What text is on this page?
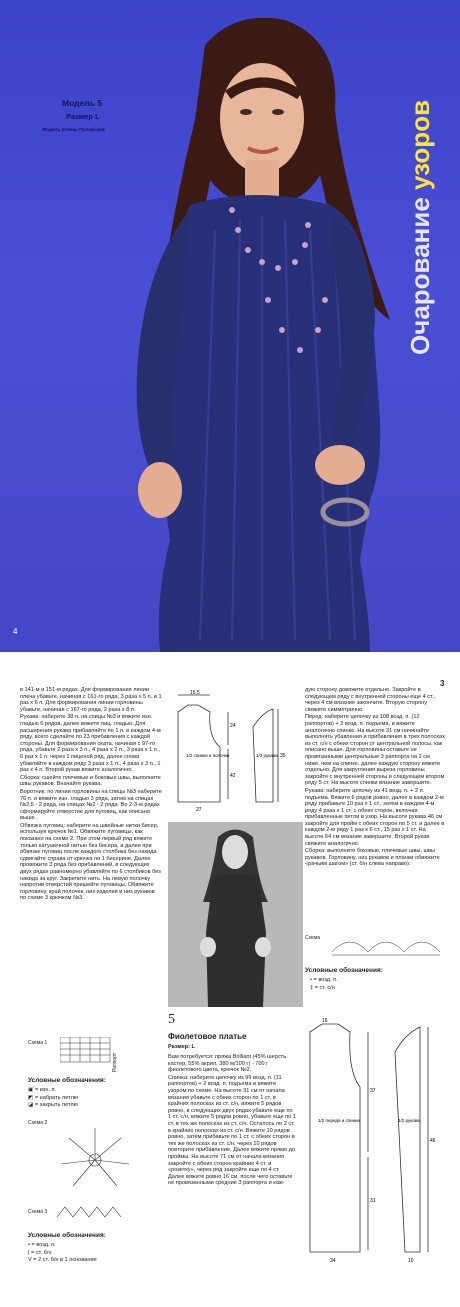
Модель 5
Размер L
Модель Елены Полевской
Очарование узоров
4
3

в 141-м и 151-м рядах. Для формирования линии плеча убавьте, начиная с 161-го ряда, 3 раза х 5 п. и 1 раз х 6 п. Для формирования линии горловины убавьте, начиная с 167-го ряда, 2 раза х 8 п.

Рукава: наберите 38 п. на спицы №3 и вяжите изн. гладью 6 рядов, далее вяжите лиц. гладью. Для расширения рукава прибавляйте по 1 п. в каждом 4-м ряду, всего сделайте по 23 прибавления с каждой стороны. Для формирования оката, начиная с 97-го ряда, убавьте 2 раза х 3 п., 4 раза х 2 п., 3 раза х 1 п., 6 раз х 1 п. через 1 пиценой ряд, далее снова убавляйте в каждом ряду 3 раза х 1 п., 4 раза х 3 п., 1 раз х 4 п. Второй рукав вяжите аналогично.

Сборка: сшейте плечевые и боковые швы, выполните швы рукавов. Вначайте рукава.

Воротник: по линии горловины на спицы №3 наберите 76 п. и вяжите изн. гладью 3 ряда, затем на спицах №2,5 - 2 ряда, на спицах №2 - 2 ряда. Во 2-3-м рядах сформируйте отверстие для пуговиц, как описано выше.

Обвязка пуговиц: наберите на швейные нитки бисер, используя крючок №1. Обвяжите пуговицы, как показано на схеме 2. При этом первый ряд вяжите только катушечной нитью без бисера, а далее при обвязке пуговиц после каждого столбика без накида сдвигайте справа от крючка по 1 бисерине. Далее провяжите 3 ряда без прибавлений, в следующих двух рядах равномерно убавляйте по 6 столбиков без накида за круг. Закрепите нить. На левую полочку напротив отверстий пришейте пуговицы. Обвяжите горловину, край полочек, низ изделия и низ рукавов по схеме 3 крючком №3.

дую сторону довяжите отдельно. Закройте в следующем ряду с внутренней стороны еще 4 ст., через 4 см вязание закончите. Вторую сторону свяжите симметрично.

Перед: наберите цепочку из 108 возд. п. (12 раппортов) + 2 возд. п. подъема, и вяжите аналогично спинке. На высоте 31 см начинайте выполнять убавления и прибавления в трех полосках из ст. с/н с обеих сторон от центральной полосы, как описано выше. Для горловины оставьте не провязанными центральные 3 раппорта на 2 см ниже, чем на спинке, далее каждую сторону вяжите отдельно. Для закругления выреза горловины закройте с внутренней стороны в следующем втором ряду 5 ст. На высоте спинки вязание завершите.

Рукава: наберите цепочку из 41 возд. п. + 2 п. подъема. Вяжите 6 рядов ровно, далее в каждом 2-м ряду прибавьте 10 раз х 1 ст., затем в каждом 4-м ряду 4 раза х 1 ст. с обеих сторон, включая прибавленные петли в узор. На высоте рукава 46 см закройте для пройм с обеих сторон по 5 ст. и далее в каждом 2-м ряду 1 раз х 6 ст., 15 раз х 1 ст. На высоте 64 см вязание завершите. Второй рукав свяжите аналогично.

Сборка: выполните боковые, плечевые швы, швы рукавов. Горловину, низ рукавов и планки обвяжите «рачьим шагом» (ст. б/н слева направо).

15,5
24
42
27
35
1/2 спинки и полочки	1/2 рукава
5
Фиолетовое платье
Размер: L

Вам потребуется: пряжа Brilliant (45% шерсть кастер, 55% акрил, 380 м/100 г) - 700 г фиолетового цвета, крючок №2.

Спинка: наберите цепочку из 99 возд. п. (11 раппортов) + 2 возд. п. подъема и вяжите узором по схеме. На высоте 31 см от начала вязания убавьте с обеих сторон по 1 ст. в крайних полосках из ст. с/н, вяжите 5 рядов ровно, в следующих двух рядах убавьте еще по 1 ст. с/н, вяжите 5 рядов ровно, убавьте еще по 1 ст. в тех же полосках из ст. с/н. Осталось по 2 ст. в крайних полосках из ст. с/н. Вяжите 10 рядов ровно, затем прибавьте по 1 ст. с обеих сторон в тех же полосках из ст. с/н, через 10 рядов повторите прибавление. Далее вяжите прямо до проймы. На высоте 71 см от начала вязания закройте с обеих сторон крайние 4 ст. и «розетку», через ряд закройте еще по 4 ст. Далее вяжите ровно 16 см, после чего оставьте не провязанными средние 3 раппорта и каж-

Схема 1
Раппорт
Условные обозначения:

▣ = изн. п.

◩ = набрать петлю

◪ = закрыть петлю

Схема 2
Схема 3
Условные обозначения:

• = возд. п.

| = ст. б/н

V = 2 ст. б/н в 1 основание

Схема
Условные обозначения:

• = возд. п.

‡ = ст. с/н

16
37
31
34
46
10
1/2 переда и спинки	1/2 рукава
